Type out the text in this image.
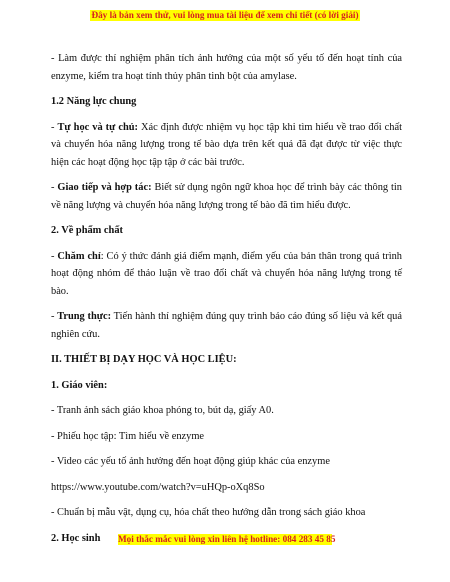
Đây là bản xem thử, vui lòng mua tài liệu để xem chi tiết (có lời giải)

- Làm được thí nghiệm phân tích ảnh hưởng của một số yếu tố đến hoạt tính của enzyme, kiểm tra hoạt tính thủy phân tinh bột của amylase.

1.2 Năng lực chung

- Tự học và tự chủ: Xác định được nhiệm vụ học tập khi tìm hiểu về trao đổi chất và chuyển hóa năng lượng trong tế bào dựa trên kết quả đã đạt được từ việc thực hiện các hoạt động học tập tập ở các bài trước.

- Giao tiếp và hợp tác: Biết sử dụng ngôn ngữ khoa học để trình bày các thông tin về năng lượng và chuyển hóa năng lượng trong tế bào đã tìm hiểu được.

2. Về phẩm chất

- Chăm chỉ: Có ý thức đánh giá điểm mạnh, điểm yếu của bản thân trong quá trình hoạt động nhóm để thảo luận về trao đổi chất và chuyển hóa năng lượng trong tế bào.

- Trung thực: Tiến hành thí nghiệm đúng quy trình báo cáo đúng số liệu và kết quả nghiên cứu.

II. THIẾT BỊ DẠY HỌC VÀ HỌC LIỆU:
1. Giáo viên:

- Tranh ảnh sách giáo khoa phóng to, bút dạ, giấy A0.

- Phiếu học tập: Tìm hiểu về enzyme

- Video các yếu tố ảnh hưởng đến hoạt động giúp khác của enzyme

https://www.youtube.com/watch?v=uHQp-oXq8So

- Chuẩn bị mẫu vật, dụng cụ, hóa chất theo hướng dẫn trong sách giáo khoa

2. Học sinh	Mọi thắc mắc vui lòng xin liên hệ hotline: 084 283 45 85
